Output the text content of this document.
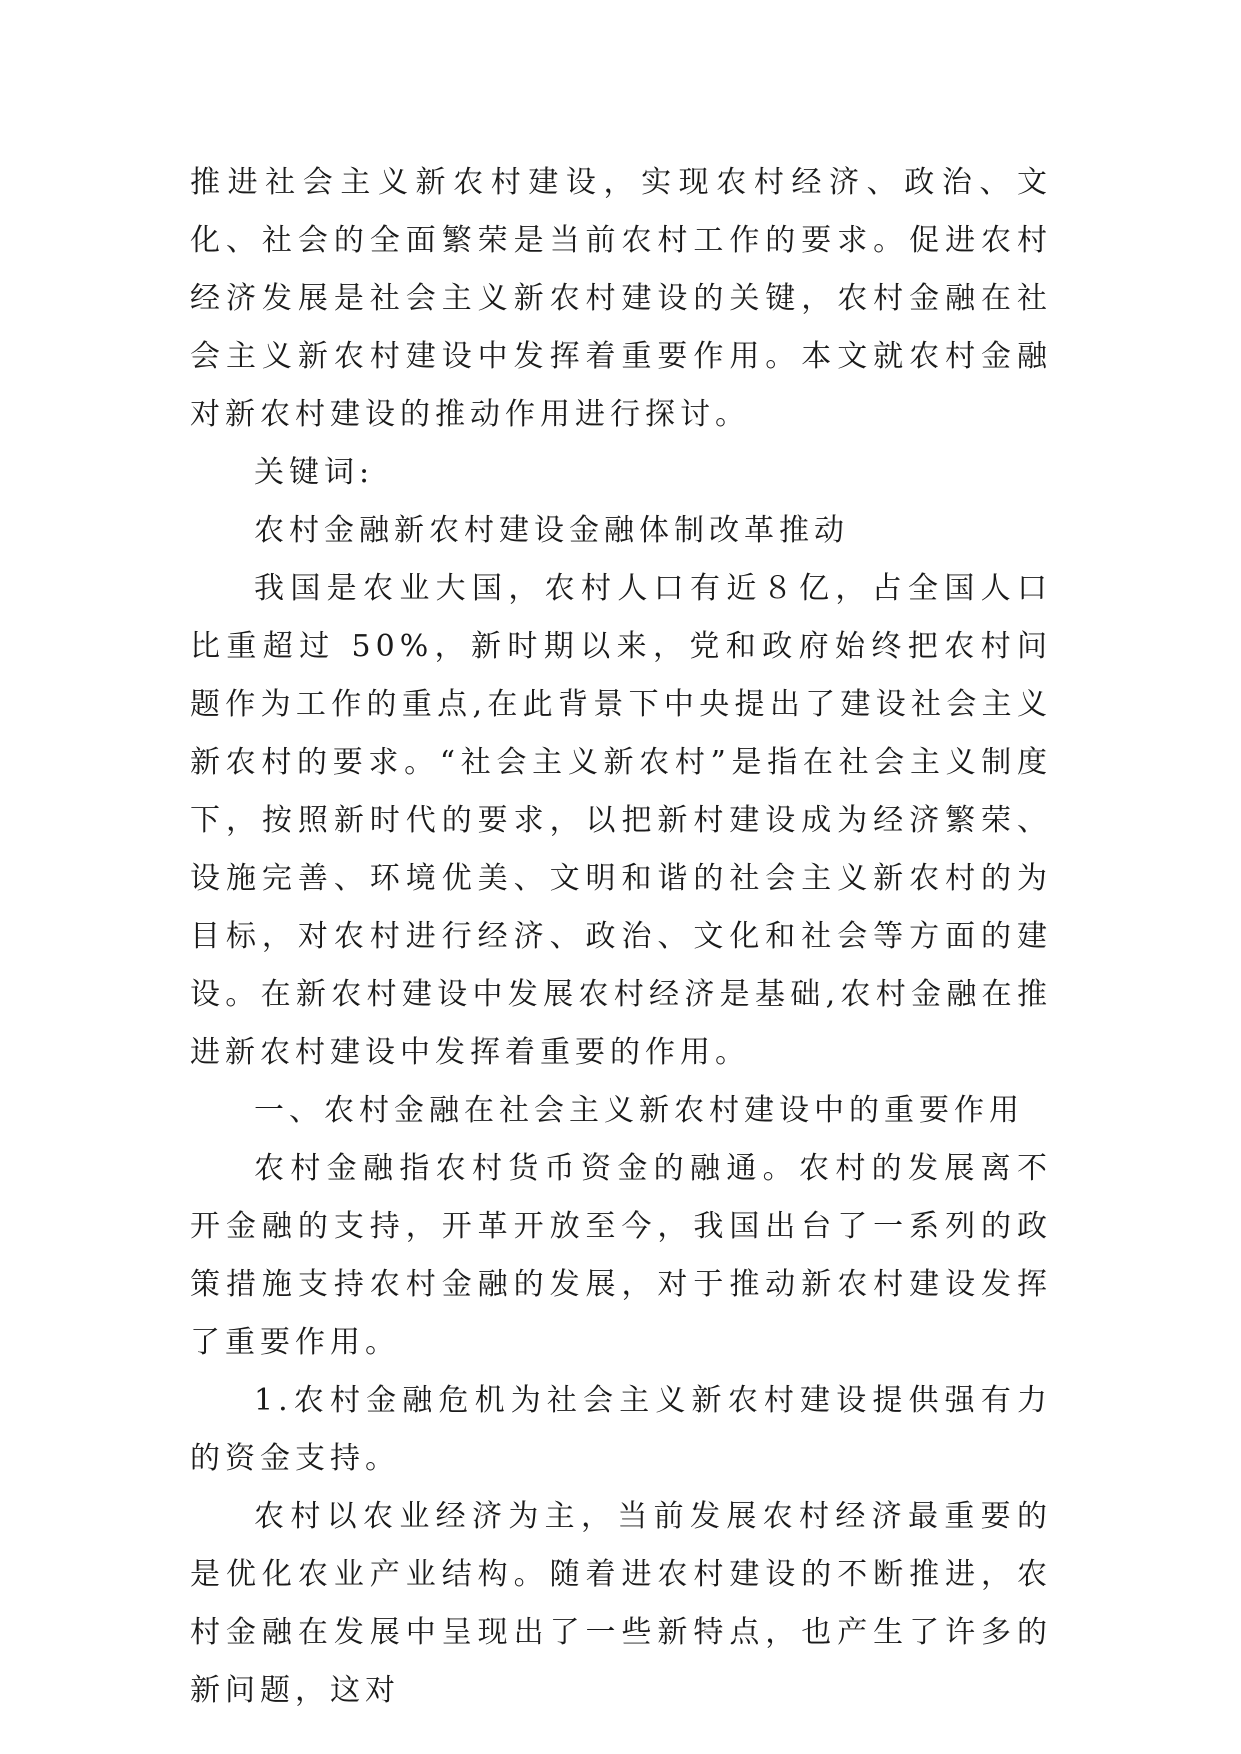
推进社会主义新农村建设，实现农村经济、政治、文化、社会的全面繁荣是当前农村工作的要求。促进农村经济发展是社会主义新农村建设的关键，农村金融在社会主义新农村建设中发挥着重要作用。本文就农村金融对新农村建设的推动作用进行探讨。

关键词:

农村金融新农村建设金融体制改革推动

我国是农业大国，农村人口有近８亿，占全国人口比重超过 50%，新时期以来，党和政府始终把农村问题作为工作的重点,在此背景下中央提出了建设社会主义新农村的要求。“社会主义新农村”是指在社会主义制度下，按照新时代的要求，以把新村建设成为经济繁荣、设施完善、环境优美、文明和谐的社会主义新农村的为目标，对农村进行经济、政治、文化和社会等方面的建设。在新农村建设中发展农村经济是基础,农村金融在推进新农村建设中发挥着重要的作用。

一、农村金融在社会主义新农村建设中的重要作用

农村金融指农村货币资金的融通。农村的发展离不开金融的支持，开革开放至今，我国出台了一系列的政策措施支持农村金融的发展，对于推动新农村建设发挥了重要作用。

1.农村金融危机为社会主义新农村建设提供强有力的资金支持。

农村以农业经济为主，当前发展农村经济最重要的是优化农业产业结构。随着进农村建设的不断推进，农村金融在发展中呈现出了一些新特点，也产生了许多的新问题，这对
